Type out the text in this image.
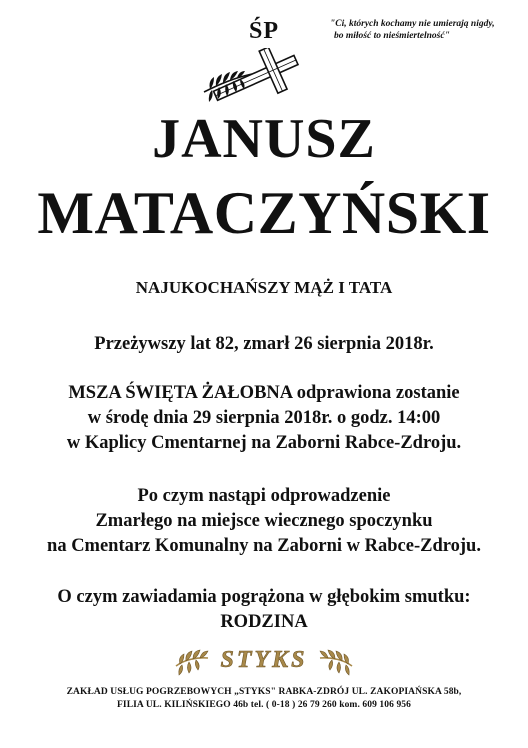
ŚP	"Ci, których kochamy nie umierają nigdy,
bo miłość to nieśmiertelność"
JANUSZ
MATACZYŃSKI
NAJUKOCHAŃSZY MĄŻ I TATA
Przeżywszy lat 82, zmarł 26 sierpnia 2018r.
MSZA ŚWIĘTA ŻAŁOBNA odprawiona zostanie
w środę dnia 29 sierpnia 2018r. o godz. 14:00
w Kaplicy Cmentarnej na Zaborni Rabce-Zdroju.
Po czym nastąpi odprowadzenie
Zmarłego na miejsce wiecznego spoczynku
na Cmentarz Komunalny na Zaborni w Rabce-Zdroju.
O czym zawiadamia pogrążona w głębokim smutku:
RODZINA
STYKS
ZAKŁAD USŁUG POGRZEBOWYCH „STYKS" RABKA-ZDRÓJ UL. ZAKOPIAŃSKA 58b,
FILIA UL. KILIŃSKIEGO 46b tel. ( 0-18 ) 26 79 260 kom. 609 106 956
